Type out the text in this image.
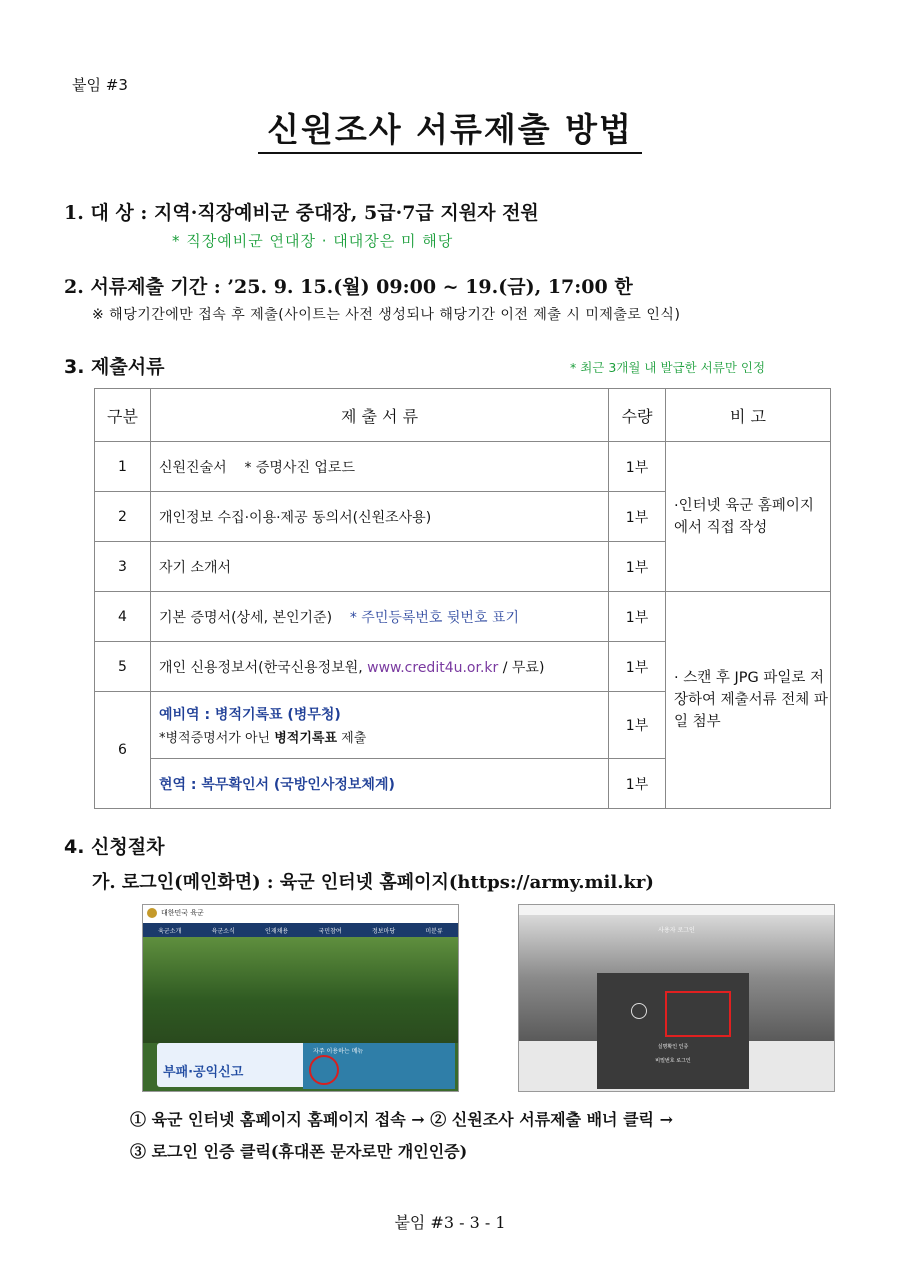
붙임 #3
신원조사 서류제출 방법
1. 대 상 : 지역·직장예비군 중대장, 5급·7급 지원자 전원
* 직장예비군 연대장 · 대대장은 미 해당
2. 서류제출 기간 : ’25. 9. 15.(월) 09:00 ~ 19.(금), 17:00 한
※ 해당기간에만 접속 후 제출(사이트는 사전 생성되나 해당기간 이전 제출 시 미제출로 인식)
3. 제출서류	* 최근 3개월 내 발급한 서류만 인정
구분	제 출 서 류	수량	비 고
1	신원진술서 * 증명사진 업로드	1부	·인터넷 육군 홈페이지 에서 직접 작성
2	개인정보 수집·이용·제공 동의서(신원조사용)	1부	
3	자기 소개서	1부	
4	기본 증명서(상세, 본인기준) * 주민등록번호 뒷번호 표기	1부	· 스캔 후 JPG 파일로 저장하여 제출서류 전체 파일 첨부
5	개인 신용정보서(한국신용정보원, www.credit4u.or.kr / 무료)	1부	
6	예비역 : 병적기록표 (병무청)
*병적증명서가 아닌 병적기록표 제출	1부	
	현역 : 복무확인서 (국방인사정보체계)	1부	
4. 신청절차
가. 로그인(메인화면) : 육군 인터넷 홈페이지(https://army.mil.kr)
대한민국 육군
육군소개	육군소식	인재채용	국민참여	정보마당	미분류
부패·공익신고
자주 이용하는 메뉴
사용자 로그인
실명확인 인증
비밀번호 로그인
① 육군 인터넷 홈페이지 홈페이지 접속 → ② 신원조사 서류제출 배너 클릭 →
③ 로그인 인증 클릭(휴대폰 문자로만 개인인증)
붙임 #3 - 3 - 1
